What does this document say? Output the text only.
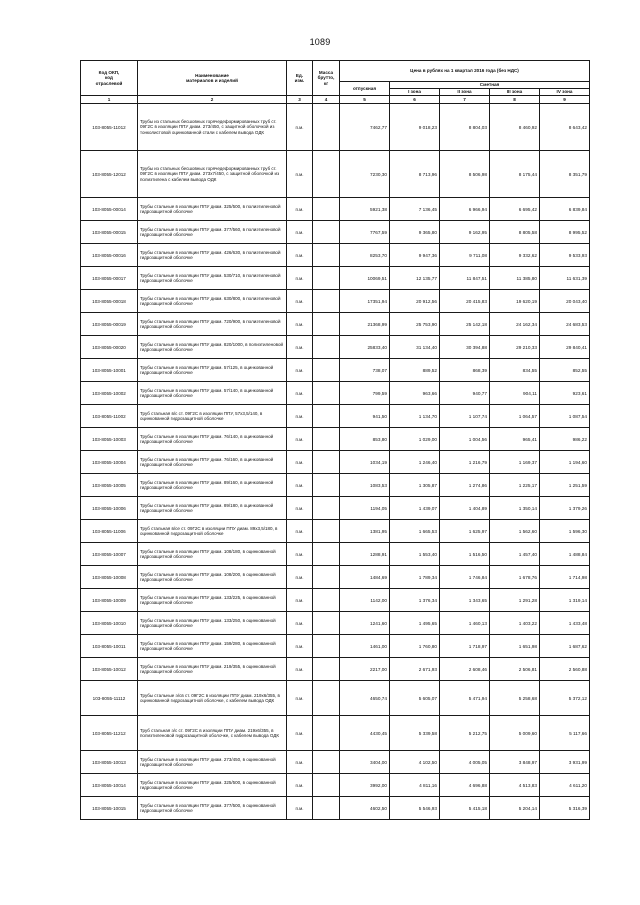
1089
Код ОКП,
код
отраслевой	Наименование
материалов и изделий	Ед.
изм.	Масса
брутто,
кг	Цена в рублях на 1 квартал 2016 года (без НДС)				
				отпускная	Сметная			
					I зона	II зона	III зона	IV зона
1	2	3	4	5	6	7	8	9
103-8055-11012	Трубы из стальных бесшовных горячедеформированных труб ст. 09Г2С в изоляции ППУ диам. 273/450, с защитной оболочкой из тонколистовой оцинкованной стали с кабелем вывода ОДК	п.м.		7462,77	9 018,23	8 804,03	8 460,92	8 643,42
103-8055-12012	Трубы из стальных бесшовных горячедеформированных труб ст. 09Г2С в изоляции ППУ диам. 273x7/450, с защитной оболочкой из полиэтилена с кабелем вывода ОДК	п.м.		7230,30	8 713,96	8 506,98	8 175,44	8 351,79
103-8055-00014	Трубы стальные в изоляции ППУ диам. 325/500, в полиэтиленовой гидрозащитной оболочке	п.м.		5921,38	7 136,45	6 966,94	6 695,42	6 839,84
103-8055-00015	Трубы стальные в изоляции ППУ диам. 377/560, в полиэтиленовой гидрозащитной оболочке	п.м.		7767,59	9 365,80	9 162,95	8 805,58	8 995,52
103-8055-00016	Трубы стальные в изоляции ППУ диам. 426/630, в полиэтиленовой гидрозащитной оболочке	п.м.		8253,70	9 947,36	9 711,08	9 332,62	9 533,93
103-8055-00017	Трубы стальные в изоляции ППУ диам. 530/710, в полиэтиленовой гидрозащитной оболочке	п.м.		10069,51	12 135,77	11 847,51	11 385,80	11 631,39
103-8055-00018	Трубы стальные в изоляции ППУ диам. 630/800, в полиэтиленовой гидрозащитной оболочке	п.м.		17351,94	20 912,56	20 415,83	19 620,19	20 043,40
103-8055-00019	Трубы стальные в изоляции ППУ диам. 720/900, в полиэтиленовой гидрозащитной оболочке	п.м.		21368,99	25 753,90	25 142,18	24 162,34	24 683,53
103-8055-00020	Трубы стальные в изоляции ППУ диам. 820/1000, в полиэтиленовой гидрозащитной оболочке	п.м.		25833,40	31 134,40	30 394,88	29 210,33	29 840,41
103-8055-10001	Трубы стальные в изоляции ППУ диам. 57/125, в оцинкованной гидрозащитной оболочке	п.м.		738,07	889,52	868,39	834,55	852,55
103-8055-10002	Трубы стальные в изоляции ППУ диам. 57/140, в оцинкованной гидрозащитной оболочке	п.м.		799,59	963,66	940,77	904,11	923,61
103-8055-11002	Труб стальная в/с ст. 09Г2С в изоляции ППУ, 57x3,5/140, в оцинкованной гидрозащитной оболочке	п.м.		941,50	1 134,70	1 107,74	1 064,57	1 087,54
103-8055-10003	Трубы стальные в изоляции ППУ диам. 76/140, в оцинкованной гидрозащитной оболочке	п.м.		853,80	1 029,00	1 004,56	965,41	986,22
103-8055-10004	Трубы стальные в изоляции ППУ диам. 76/160, в оцинкованной гидрозащитной оболочке	п.м.		1034,19	1 246,40	1 216,79	1 169,37	1 194,60
103-8055-10005	Трубы стальные в изоляции ППУ диам. 89/160, в оцинкованной гидрозащитной оболочке	п.м.		1083,53	1 305,87	1 274,86	1 225,17	1 251,59
103-8055-10006	Трубы стальные в изоляции ППУ диам. 89/180, в оцинкованной гидрозащитной оболочке	п.м.		1194,05	1 439,07	1 404,89	1 350,14	1 379,26
103-8055-11006	Труб стальная в/се ст. 09Г2С в изоляции ППУ диам. 89x3,5/180, в оцинкованной гидрозащитной оболочке	п.м.		1381,95	1 665,53	1 625,97	1 562,60	1 596,30
103-8055-10007	Трубы стальные в изоляции ППУ диам. 108/180, в оцинкованной гидрозащитной оболочке	п.м.		1288,91	1 553,40	1 516,50	1 457,40	1 488,84
103-8055-10008	Трубы стальные в изоляции ППУ диам. 108/200, в оцинкованной гидрозащитной оболочке	п.м.		1484,69	1 789,34	1 746,84	1 678,76	1 714,98
103-8055-10009	Трубы стальные в изоляции ППУ диам. 133/225, в оцинкованной гидрозащитной оболочке	п.м.		1142,00	1 376,34	1 343,65	1 291,28	1 319,14
103-8055-10010	Трубы стальные в изоляции ППУ диам. 133/250, в оцинкованной гидрозащитной оболочке	п.м.		1241,60	1 495,65	1 460,13	1 403,22	1 433,48
103-8055-10011	Трубы стальные в изоляции ППУ диам. 159/280, в оцинкованной гидрозащитной оболочке	п.м.		1461,00	1 760,80	1 718,97	1 651,98	1 687,62
103-8055-10012	Трубы стальные в изоляции ППУ диам. 219/355, в оцинкованной гидрозащитной оболочке	п.м.		2217,00	2 671,93	2 608,46	2 506,81	2 560,88
103-8055-11112	Трубы стальные э/св ст. 09Г2С в изоляции ППУ диам. 219x6/355, в оцинкованной гидрозащитной оболочке, с кабелем вывода ОДК	п.м.		4650,74	5 605,07	5 471,94	5 258,68	5 372,12
103-8055-11212	Труб стальная э/с ст. 09Г2С в изоляции ППУ диам. 219x6/355, в полиэтиленовой гидрозащитной оболочке, с кабелем вывода ОДК	п.м.		4430,45	5 339,58	5 212,75	5 009,60	5 117,66
103-8055-10013	Трубы стальные в изоляции ППУ диам. 273/450, в оцинкованной гидрозащитной оболочке	п.м.		3404,00	4 102,50	4 005,05	3 848,97	3 931,99
103-8055-10014	Трубы стальные в изоляции ППУ диам. 325/500, в оцинкованной гидрозащитной оболочке	п.м.		3992,00	4 811,16	4 696,88	4 513,83	4 611,20
103-8055-10015	Трубы стальные в изоляции ППУ диам. 377/500, в оцинкованной гидрозащитной оболочке	п.м.		4602,50	5 546,93	5 415,18	5 204,14	5 316,39
